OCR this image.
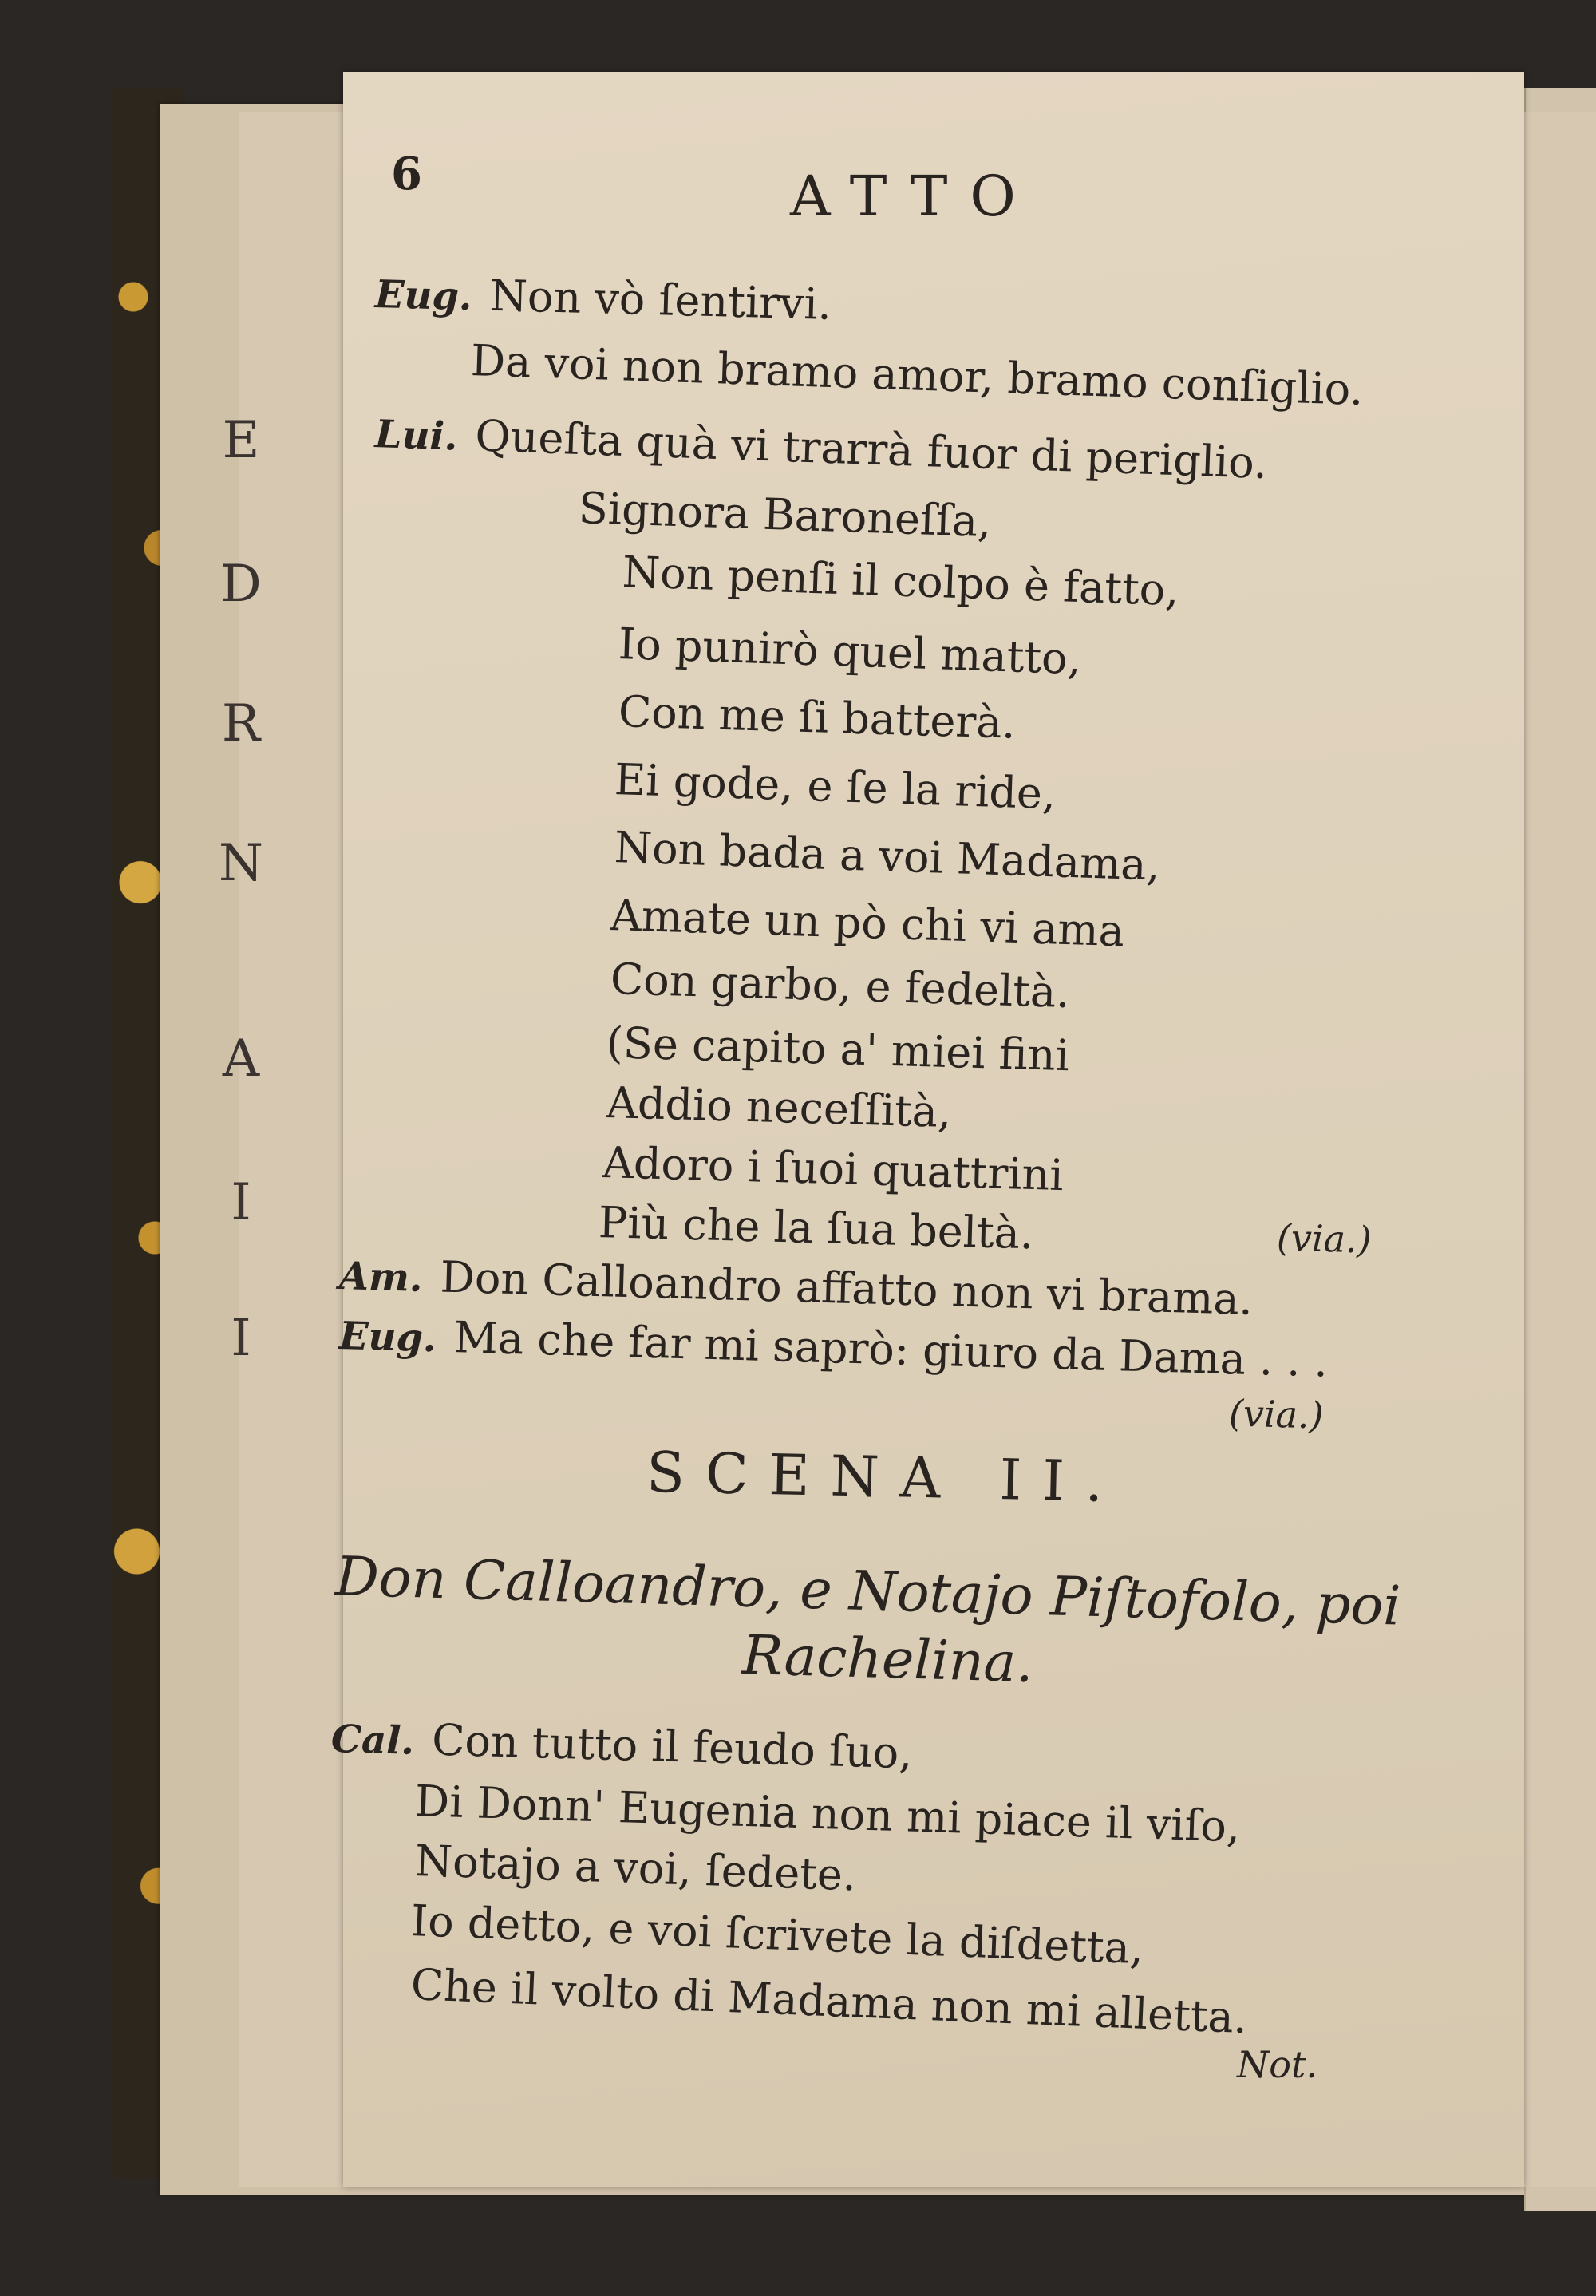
E
D
R
N
A
I
I
6	ATTO
Eug. Non vò ſentirvi.
Da voi non bramo amor, bramo conſiglio.
Lui. Queſta quà vi trarrà fuor di periglio.
Signora Baroneſſa,
Non penſi il colpo è fatto,
Io punirò quel matto,
Con me ſi batterà.
Ei gode, e ſe la ride,
Non bada a voi Madama,
Amate un pò chi vi ama
Con garbo, e fedeltà.
(Se capito a' miei fini
Addio neceſſità,
Adoro i ſuoi quattrini
Più che la ſua beltà.	(via.)
Am. Don Calloandro affatto non vi brama.
Eug. Ma che far mi saprò: giuro da Dama . . .
(via.)
SCENA II.
Don Calloandro, e Notajo Piſtofolo, poi
Rachelina.
Cal. Con tutto il feudo ſuo,
Di Donn' Eugenia non mi piace il viſo,
Notajo a voi, ſedete.
Io detto, e voi ſcrivete la diſdetta,
Che il volto di Madama non mi alletta.
Not.
